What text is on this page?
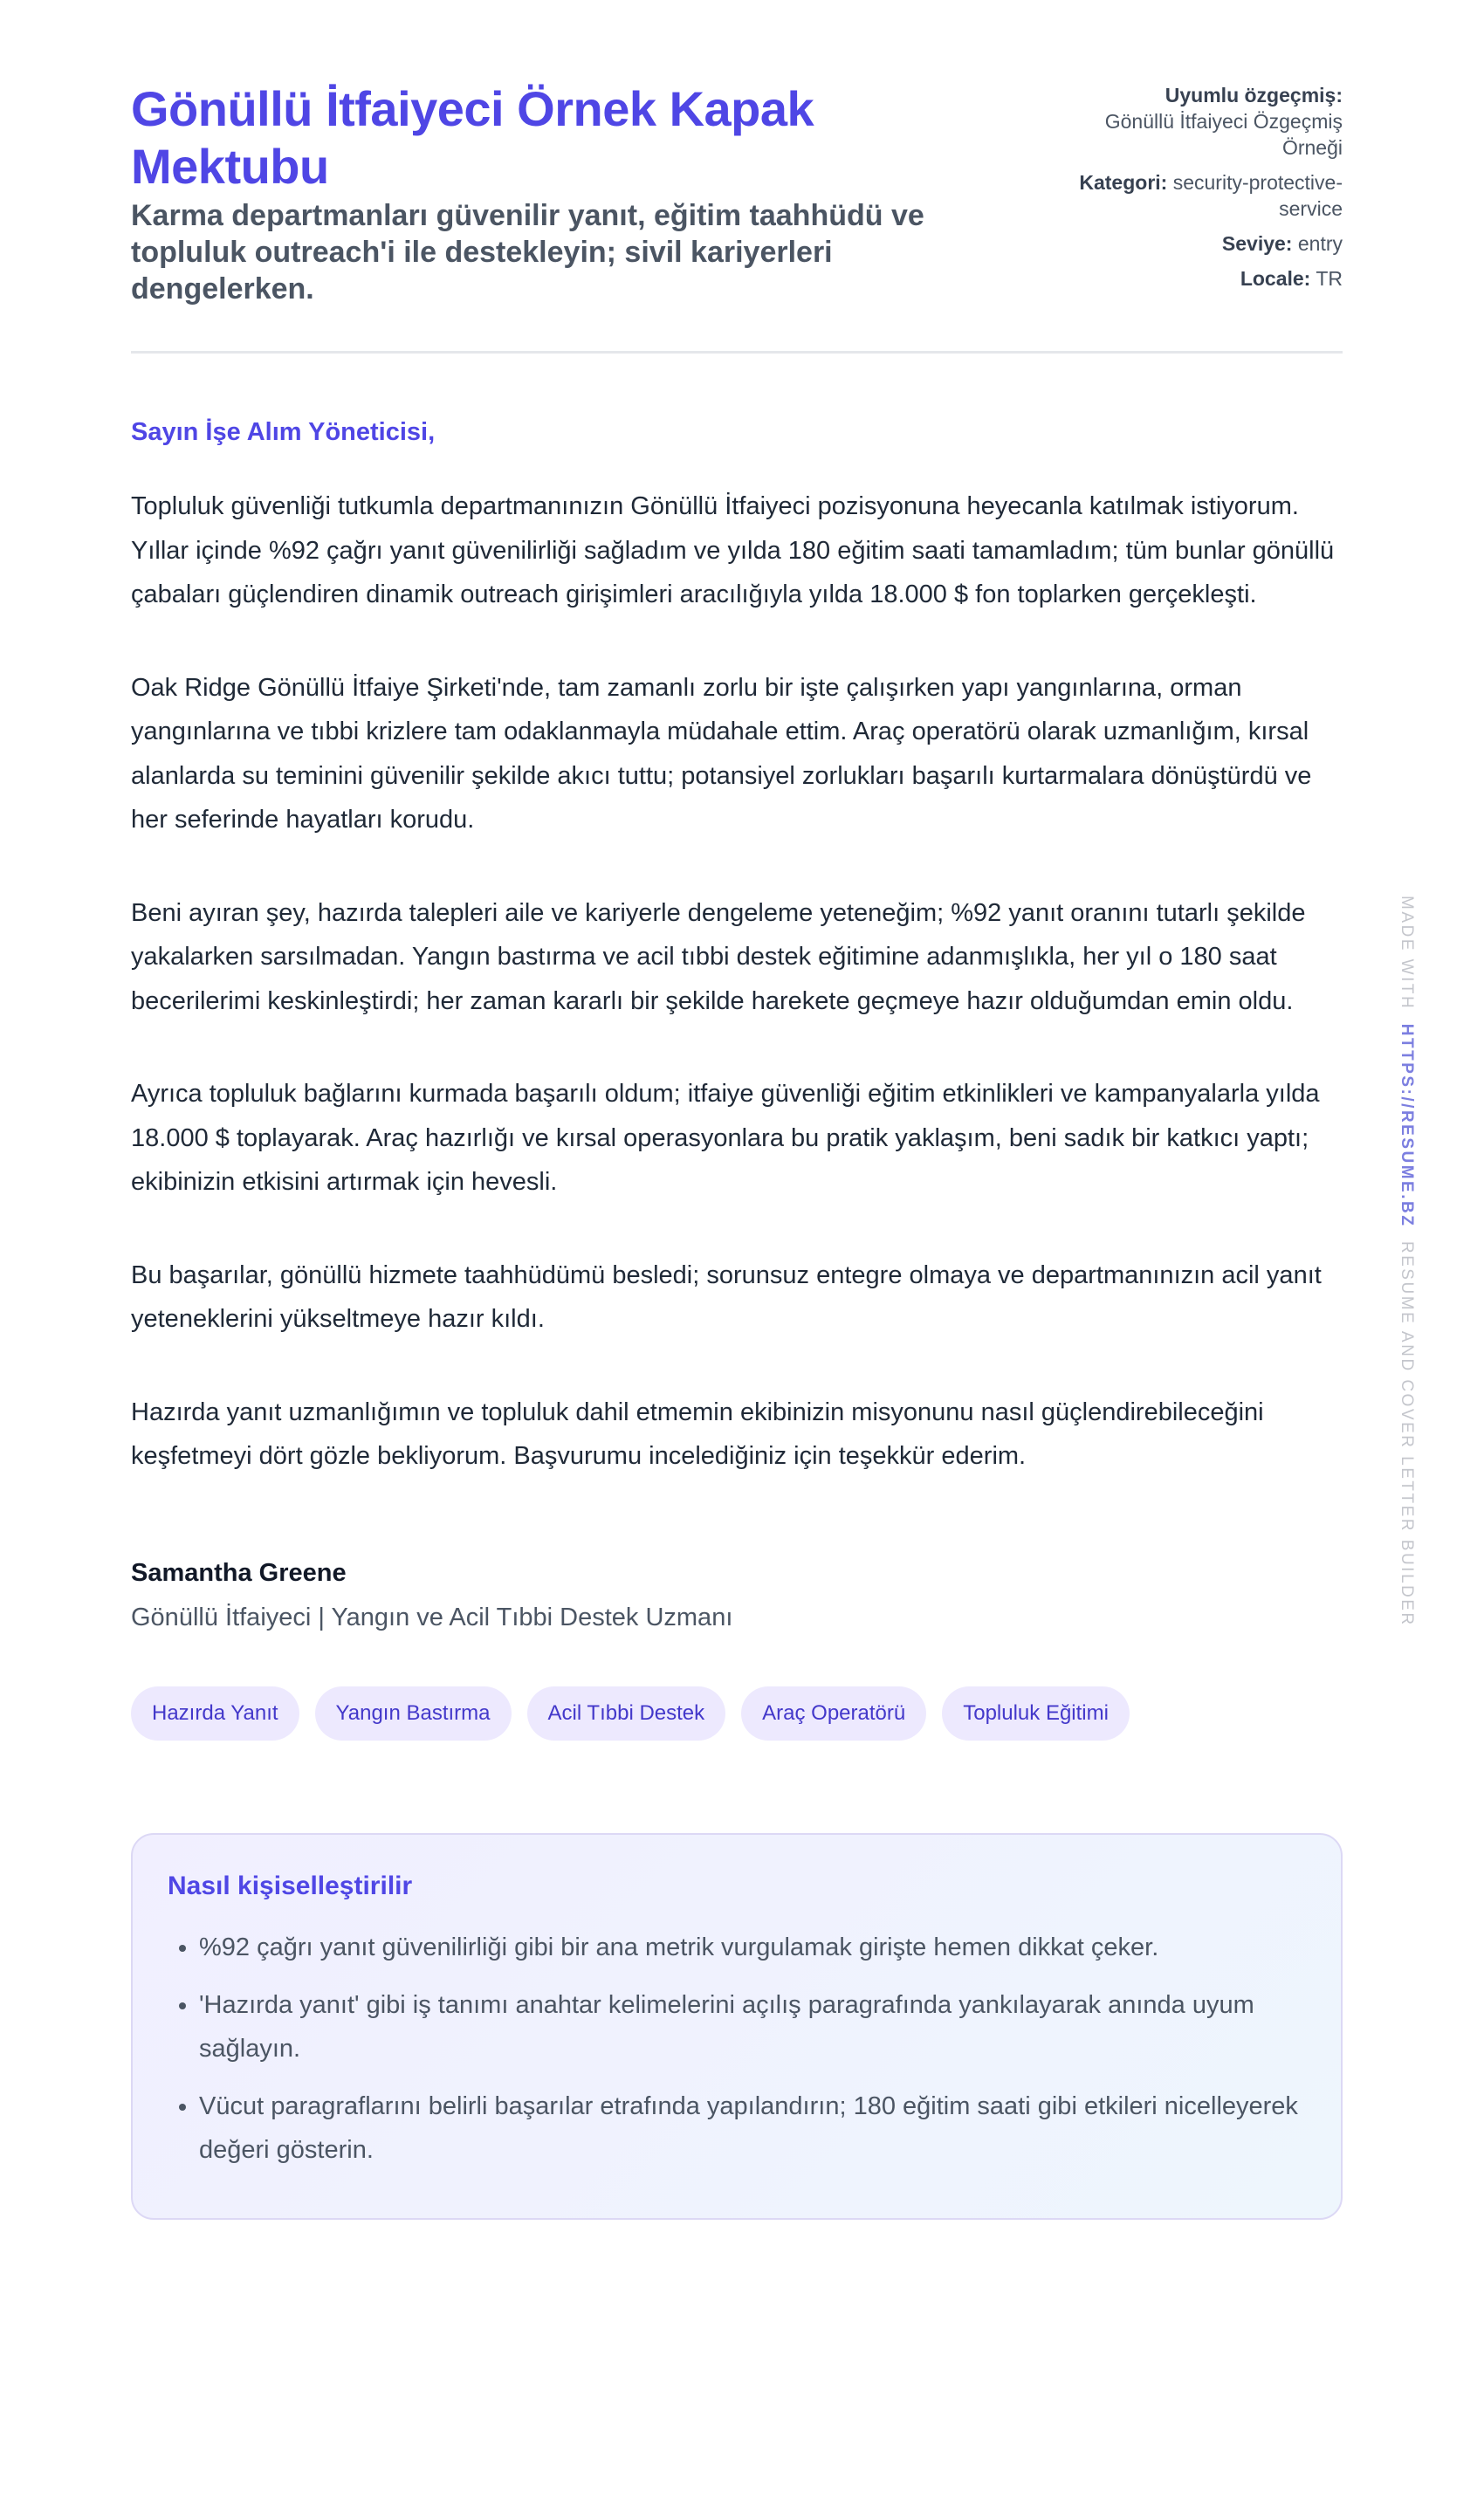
Gönüllü İtfaiyeci Örnek Kapak Mektubu

Karma departmanları güvenilir yanıt, eğitim taahhüdü ve topluluk outreach'i ile destekleyin; sivil kariyerleri dengelerken.

Uyumlu özgeçmiş:
Gönüllü İtfaiyeci Özgeçmiş Örneği
Kategori: security-protective-service
Seviye: entry
Locale: TR
Sayın İşe Alım Yöneticisi,

Topluluk güvenliği tutkumla departmanınızın Gönüllü İtfaiyeci pozisyonuna heyecanla katılmak istiyorum. Yıllar içinde %92 çağrı yanıt güvenilirliği sağladım ve yılda 180 eğitim saati tamamladım; tüm bunlar gönüllü çabaları güçlendiren dinamik outreach girişimleri aracılığıyla yılda 18.000 $ fon toplarken gerçekleşti.

Oak Ridge Gönüllü İtfaiye Şirketi'nde, tam zamanlı zorlu bir işte çalışırken yapı yangınlarına, orman yangınlarına ve tıbbi krizlere tam odaklanmayla müdahale ettim. Araç operatörü olarak uzmanlığım, kırsal alanlarda su teminini güvenilir şekilde akıcı tuttu; potansiyel zorlukları başarılı kurtarmalara dönüştürdü ve her seferinde hayatları korudu.

Beni ayıran şey, hazırda talepleri aile ve kariyerle dengeleme yeteneğim; %92 yanıt oranını tutarlı şekilde yakalarken sarsılmadan. Yangın bastırma ve acil tıbbi destek eğitimine adanmışlıkla, her yıl o 180 saat becerilerimi keskinleştirdi; her zaman kararlı bir şekilde harekete geçmeye hazır olduğumdan emin oldu.

Ayrıca topluluk bağlarını kurmada başarılı oldum; itfaiye güvenliği eğitim etkinlikleri ve kampanyalarla yılda 18.000 $ toplayarak. Araç hazırlığı ve kırsal operasyonlara bu pratik yaklaşım, beni sadık bir katkıcı yaptı; ekibinizin etkisini artırmak için hevesli.

Bu başarılar, gönüllü hizmete taahhüdümü besledi; sorunsuz entegre olmaya ve departmanınızın acil yanıt yeteneklerini yükseltmeye hazır kıldı.

Hazırda yanıt uzmanlığımın ve topluluk dahil etmemin ekibinizin misyonunu nasıl güçlendirebileceğini keşfetmeyi dört gözle bekliyorum. Başvurumu incelediğiniz için teşekkür ederim.

Samantha Greene
Gönüllü İtfaiyeci | Yangın ve Acil Tıbbi Destek Uzmanı
Hazırda Yanıt	Yangın Bastırma	Acil Tıbbi Destek	Araç Operatörü	Topluluk Eğitimi
Nasıl kişiselleştirilir
• %92 çağrı yanıt güvenilirliği gibi bir ana metrik vurgulamak girişte hemen dikkat çeker.
• 'Hazırda yanıt' gibi iş tanımı anahtar kelimelerini açılış paragrafında yankılayarak anında uyum sağlayın.
• Vücut paragraflarını belirli başarılar etrafında yapılandırın; 180 eğitim saati gibi etkileri nicelleyerek değeri gösterin.
MADE WITH  HTTPS://RESUME.BZ  RESUME AND COVER LETTER BUILDER
